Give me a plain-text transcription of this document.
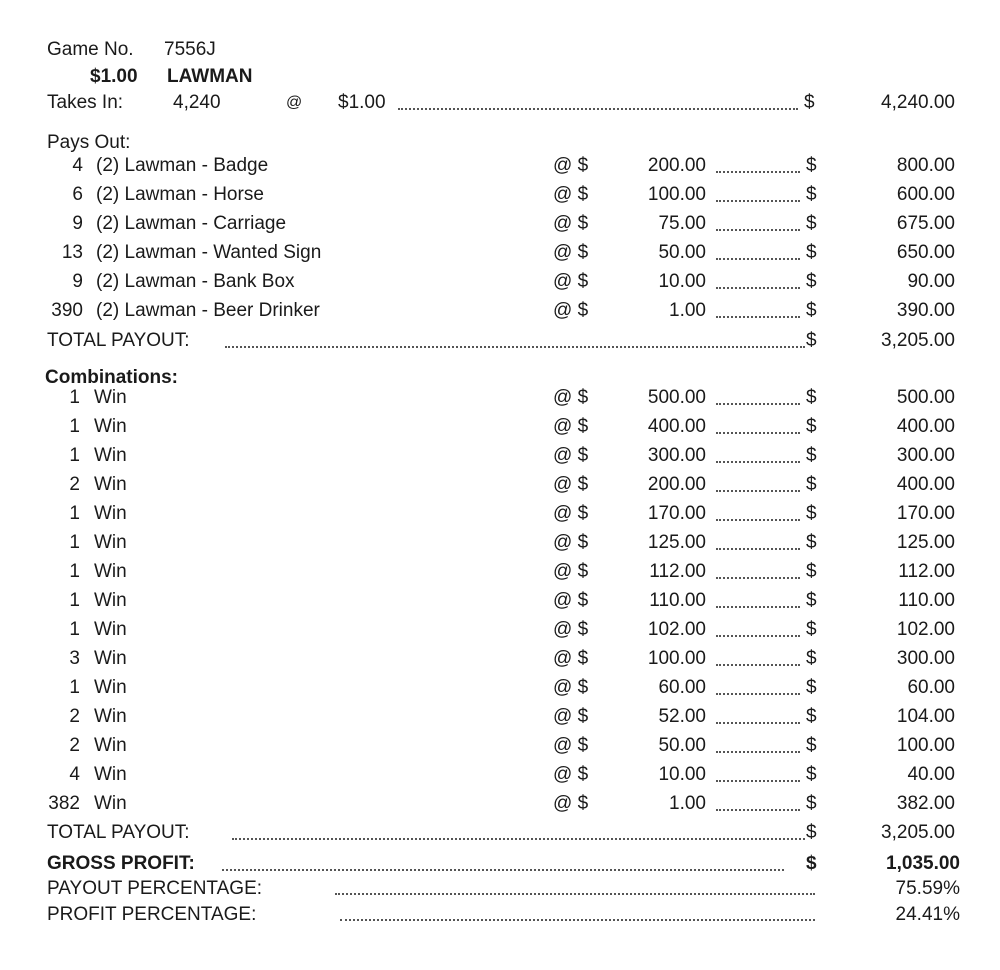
Game No. 7556J
$1.00 LAWMAN
Takes In:	4,240	@ $1.00	$	4,240.00
Pays Out:
4 (2) Lawman - Badge	@ $	200.00	$	800.00
6 (2) Lawman - Horse	@ $	100.00	$	600.00
9 (2) Lawman - Carriage	@ $	75.00	$	675.00
13 (2) Lawman - Wanted Sign	@ $	50.00	$	650.00
9 (2) Lawman - Bank Box	@ $	10.00	$	90.00
390 (2) Lawman - Beer Drinker	@ $	1.00	$	390.00
TOTAL PAYOUT:	$	3,205.00
Combinations:
1 Win	@ $	500.00	$	500.00
1 Win	@ $	400.00	$	400.00
1 Win	@ $	300.00	$	300.00
2 Win	@ $	200.00	$	400.00
1 Win	@ $	170.00	$	170.00
1 Win	@ $	125.00	$	125.00
1 Win	@ $	112.00	$	112.00
1 Win	@ $	110.00	$	110.00
1 Win	@ $	102.00	$	102.00
3 Win	@ $	100.00	$	300.00
1 Win	@ $	60.00	$	60.00
2 Win	@ $	52.00	$	104.00
2 Win	@ $	50.00	$	100.00
4 Win	@ $	10.00	$	40.00
382 Win	@ $	1.00	$	382.00
TOTAL PAYOUT:	$	3,205.00
GROSS PROFIT:	$	1,035.00
PAYOUT PERCENTAGE:	75.59%
PROFIT PERCENTAGE:	24.41%
